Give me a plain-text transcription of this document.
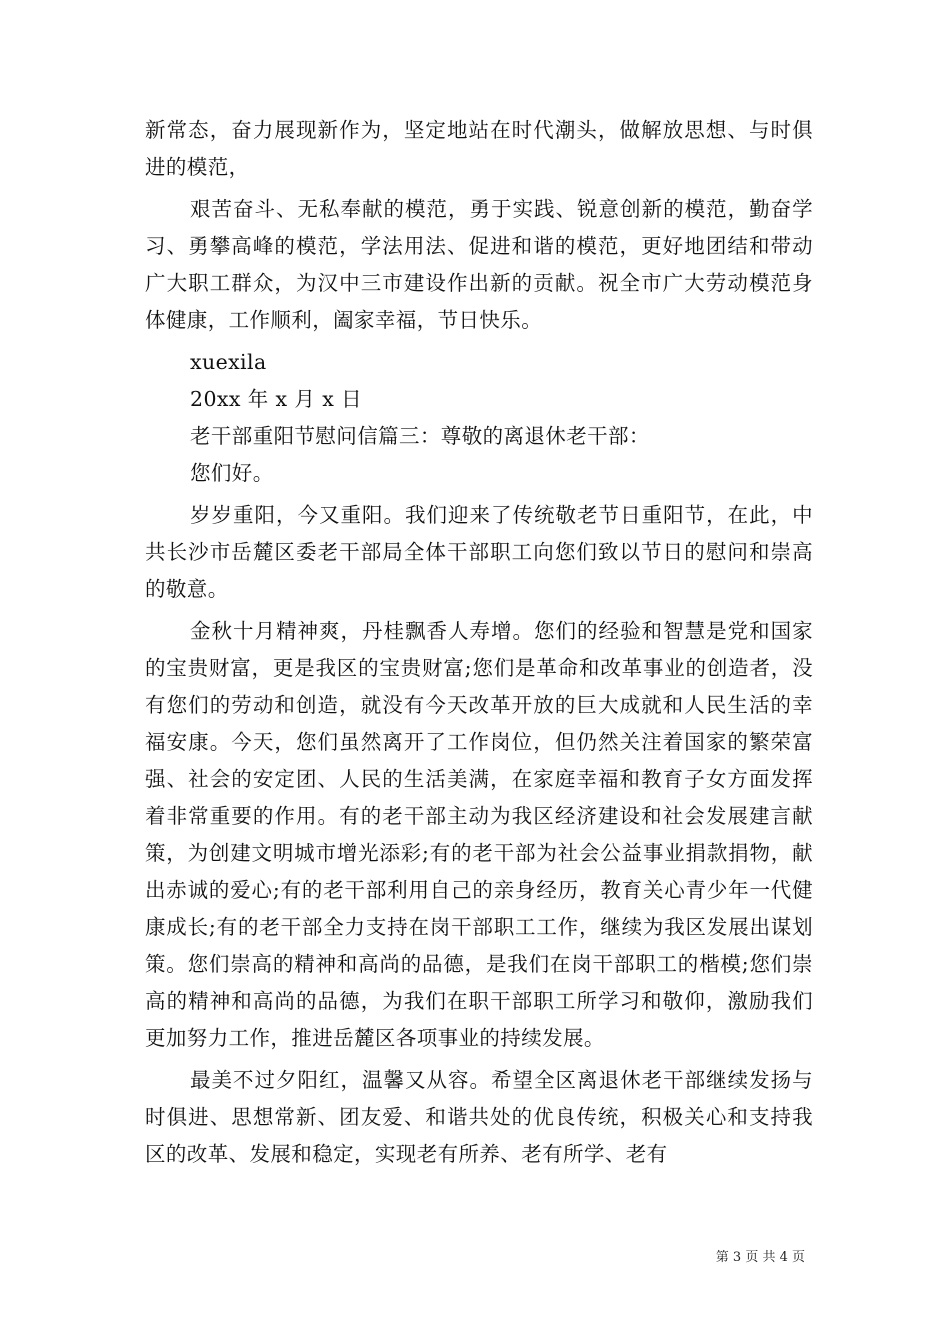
新常态，奋力展现新作为，坚定地站在时代潮头，做解放思想、与时俱进的模范，

艰苦奋斗、无私奉献的模范，勇于实践、锐意创新的模范，勤奋学习、勇攀高峰的模范，学法用法、促进和谐的模范，更好地团结和带动广大职工群众，为汉中三市建设作出新的贡献。祝全市广大劳动模范身体健康，工作顺利，阖家幸福，节日快乐。

xuexila

20xx 年 x 月 x 日

老干部重阳节慰问信篇三：尊敬的离退休老干部：

您们好。

岁岁重阳，今又重阳。我们迎来了传统敬老节日重阳节，在此，中共长沙市岳麓区委老干部局全体干部职工向您们致以节日的慰问和崇高的敬意。

金秋十月精神爽，丹桂飘香人寿增。您们的经验和智慧是党和国家的宝贵财富，更是我区的宝贵财富;您们是革命和改革事业的创造者，没有您们的劳动和创造，就没有今天改革开放的巨大成就和人民生活的幸福安康。今天，您们虽然离开了工作岗位，但仍然关注着国家的繁荣富强、社会的安定团、人民的生活美满，在家庭幸福和教育子女方面发挥着非常重要的作用。有的老干部主动为我区经济建设和社会发展建言献策，为创建文明城市增光添彩;有的老干部为社会公益事业捐款捐物，献出赤诚的爱心;有的老干部利用自己的亲身经历，教育关心青少年一代健康成长;有的老干部全力支持在岗干部职工工作，继续为我区发展出谋划策。您们崇高的精神和高尚的品德，是我们在岗干部职工的楷模;您们崇高的精神和高尚的品德，为我们在职干部职工所学习和敬仰，激励我们更加努力工作，推进岳麓区各项事业的持续发展。

最美不过夕阳红，温馨又从容。希望全区离退休老干部继续发扬与时俱进、思想常新、团友爱、和谐共处的优良传统，积极关心和支持我区的改革、发展和稳定，实现老有所养、老有所学、老有

第 3 页 共 4 页
